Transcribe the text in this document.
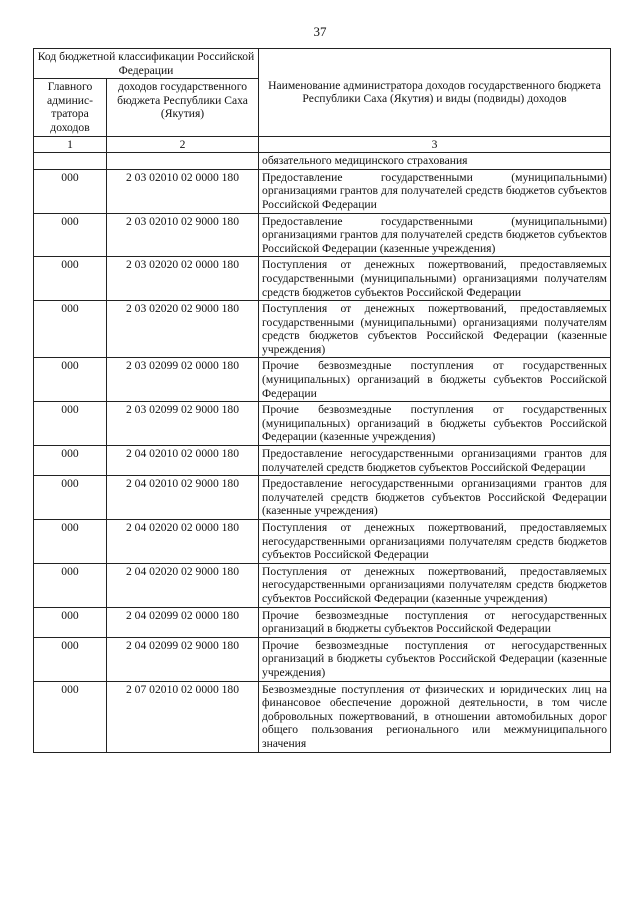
37
Код бюджетной классификации Российской Федерации		Наименование администратора доходов государственного бюджета Республики Саха (Якутия) и виды (подвиды) доходов
Главного админис-тратора доходов	доходов государственного бюджета Республики Саха (Якутия)	
1	2	3
		обязательного медицинского страхования
000	2 03 02010 02 0000 180	Предоставление государственными (муниципальными) организациями грантов для получателей средств бюджетов субъектов Российской Федерации
000	2 03 02010 02 9000 180	Предоставление государственными (муниципальными) организациями грантов для получателей средств бюджетов субъектов Российской Федерации (казенные учреждения)
000	2 03 02020 02 0000 180	Поступления от денежных пожертвований, предоставляемых государственными (муниципальными) организациями получателям средств бюджетов субъектов Российской Федерации
000	2 03 02020 02 9000 180	Поступления от денежных пожертвований, предоставляемых государственными (муниципальными) организациями получателям средств бюджетов субъектов Российской Федерации (казенные учреждения)
000	2 03 02099 02 0000 180	Прочие безвозмездные поступления от государственных (муниципальных) организаций в бюджеты субъектов Российской Федерации
000	2 03 02099 02 9000 180	Прочие безвозмездные поступления от государственных (муниципальных) организаций в бюджеты субъектов Российской Федерации (казенные учреждения)
000	2 04 02010 02 0000 180	Предоставление негосударственными организациями грантов для получателей средств бюджетов субъектов Российской Федерации
000	2 04 02010 02 9000 180	Предоставление негосударственными организациями грантов для получателей средств бюджетов субъектов Российской Федерации (казенные учреждения)
000	2 04 02020 02 0000 180	Поступления от денежных пожертвований, предоставляемых негосударственными организациями получателям средств бюджетов субъектов Российской Федерации
000	2 04 02020 02 9000 180	Поступления от денежных пожертвований, предоставляемых негосударственными организациями получателям средств бюджетов субъектов Российской Федерации (казенные учреждения)
000	2 04 02099 02 0000 180	Прочие безвозмездные поступления от негосударственных организаций в бюджеты субъектов Российской Федерации
000	2 04 02099 02 9000 180	Прочие безвозмездные поступления от негосударственных организаций в бюджеты субъектов Российской Федерации (казенные учреждения)
000	2 07 02010 02 0000 180	Безвозмездные поступления от физических и юридических лиц на финансовое обеспечение дорожной деятельности, в том числе добровольных пожертвований, в отношении автомобильных дорог общего пользования регионального или межмуниципального значения
